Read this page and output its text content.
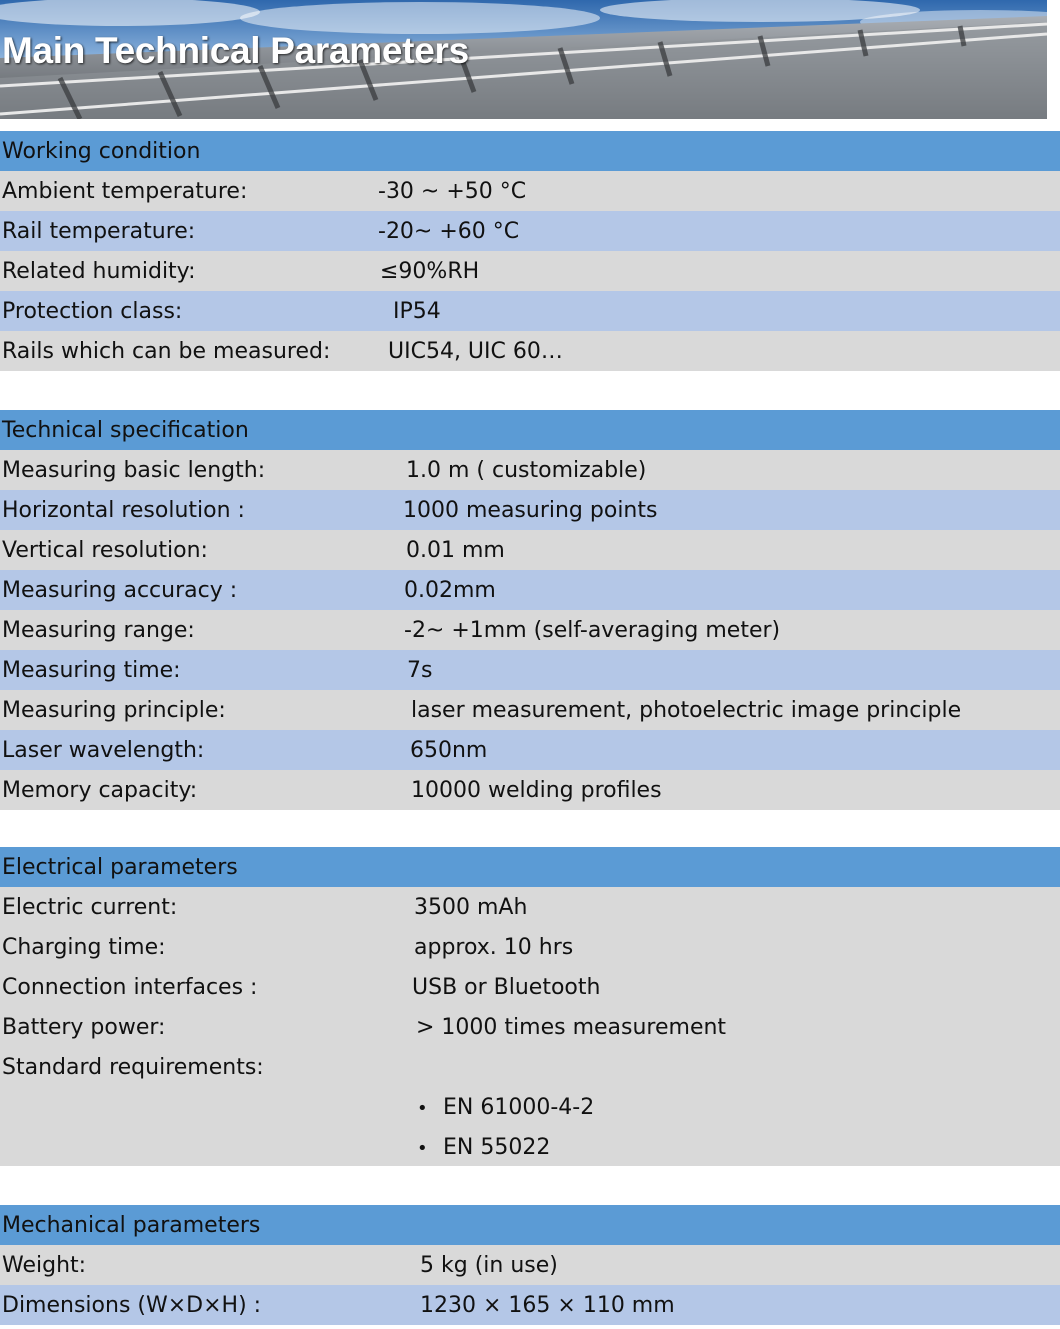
Main Technical Parameters
Working condition
Ambient temperature:	-30 ~ +50 °C
Rail temperature:	-20~ +60 °C
Related humidity:	≤90%RH
Protection class:	IP54
Rails which can be measured:	UIC54, UIC 60…
Technical specification
Measuring basic length:	1.0 m ( customizable)
Horizontal resolution :	1000 measuring points
Vertical resolution:	0.01 mm
Measuring accuracy :	0.02mm
Measuring range:	-2~ +1mm (self-averaging meter)
Measuring time:	7s
Measuring principle:	laser measurement, photoelectric image principle
Laser wavelength:	650nm
Memory capacity:	10000 welding profiles
Electrical parameters
Electric current:	3500 mAh
Charging time:	approx. 10 hrs
Connection interfaces :	USB or Bluetooth
Battery power:	> 1000 times measurement
Standard requirements:
• EN 61000-4-2
• EN 55022
Mechanical parameters
Weight:	5 kg (in use)
Dimensions (W×D×H) :	1230 × 165 × 110 mm
